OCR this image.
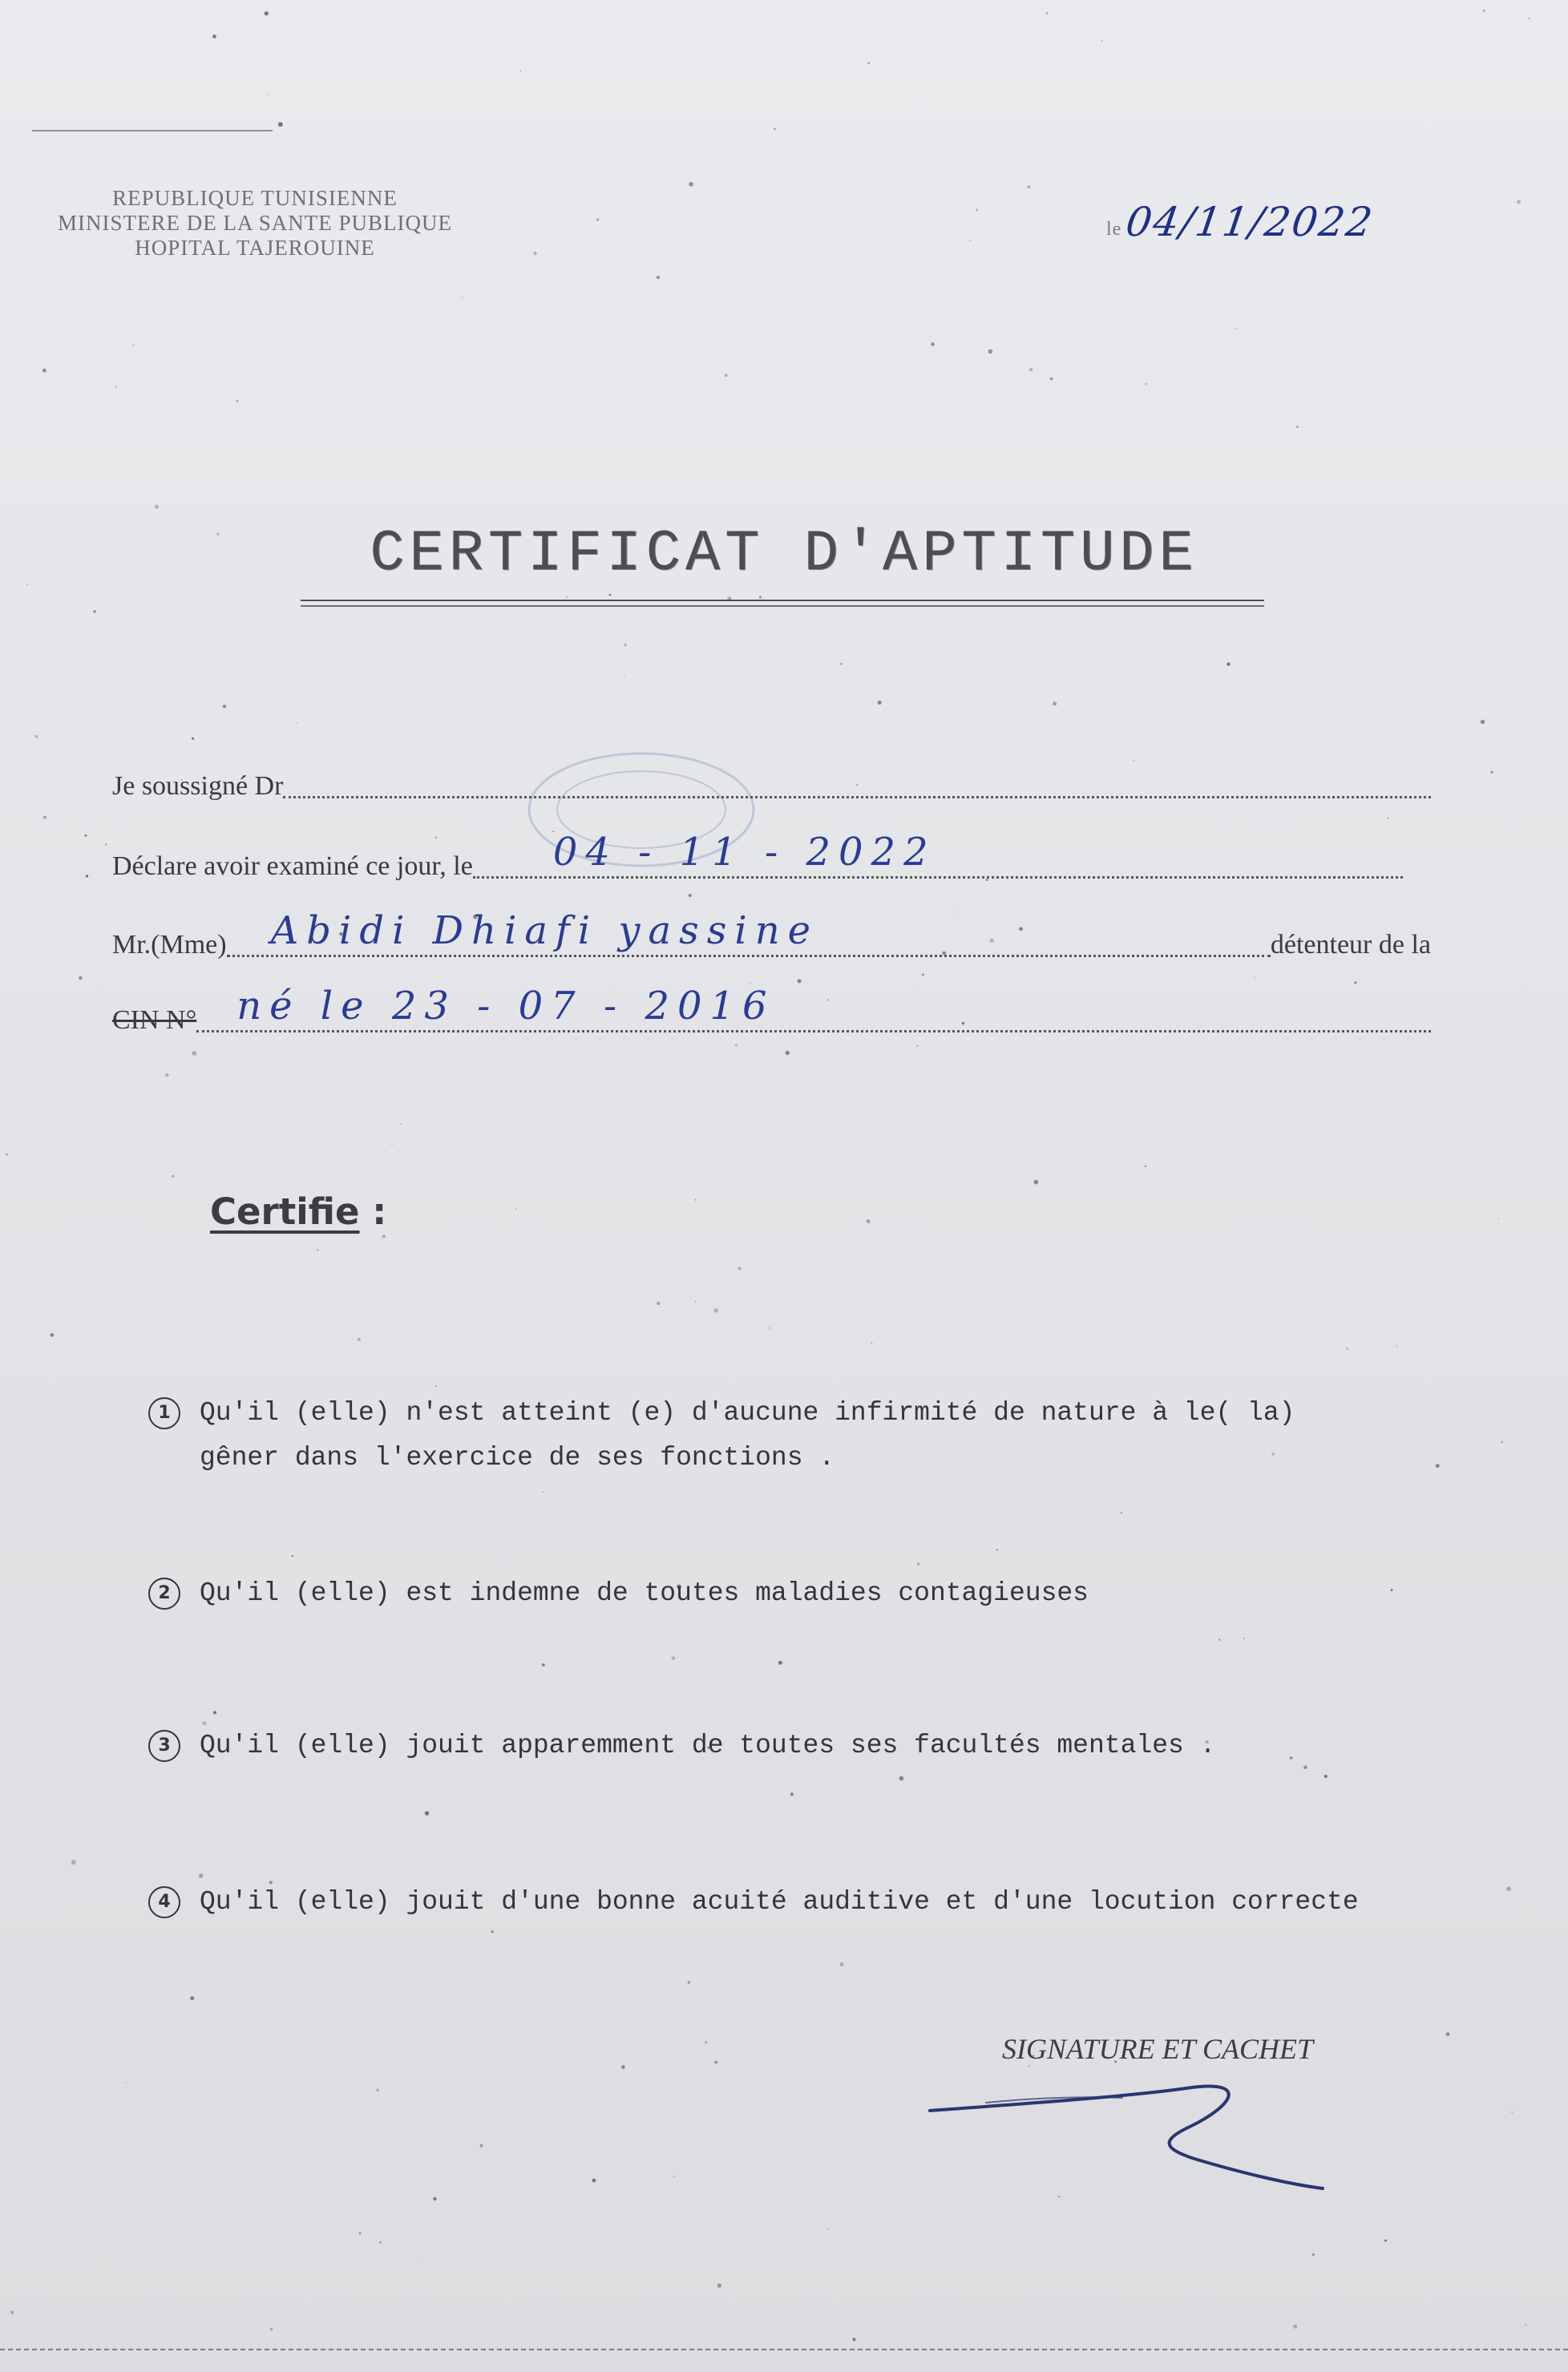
REPUBLIQUE TUNISIENNE
MINISTERE DE LA SANTE PUBLIQUE
HOPITAL TAJEROUINE
le 04/11/2022
CERTIFICAT D'APTITUDE
Je soussigné Dr
Déclare avoir examiné ce jour, le 04 - 11 - 2022
Mr.(Mme) Abidi Dhiafi yassine	détenteur de la
CIN N° né le 23 - 07 - 2016
Certifie :
1	Qu'il (elle) n'est atteint (e) d'aucune infirmité de nature à le( la) gêner dans l'exercice de ses fonctions .
2	Qu'il (elle) est indemne de toutes maladies contagieuses
3	Qu'il (elle) jouit apparemment de toutes ses facultés mentales .
4	Qu'il (elle) jouit d'une bonne acuité auditive et d'une locution correcte
SIGNATURE ET CACHET
